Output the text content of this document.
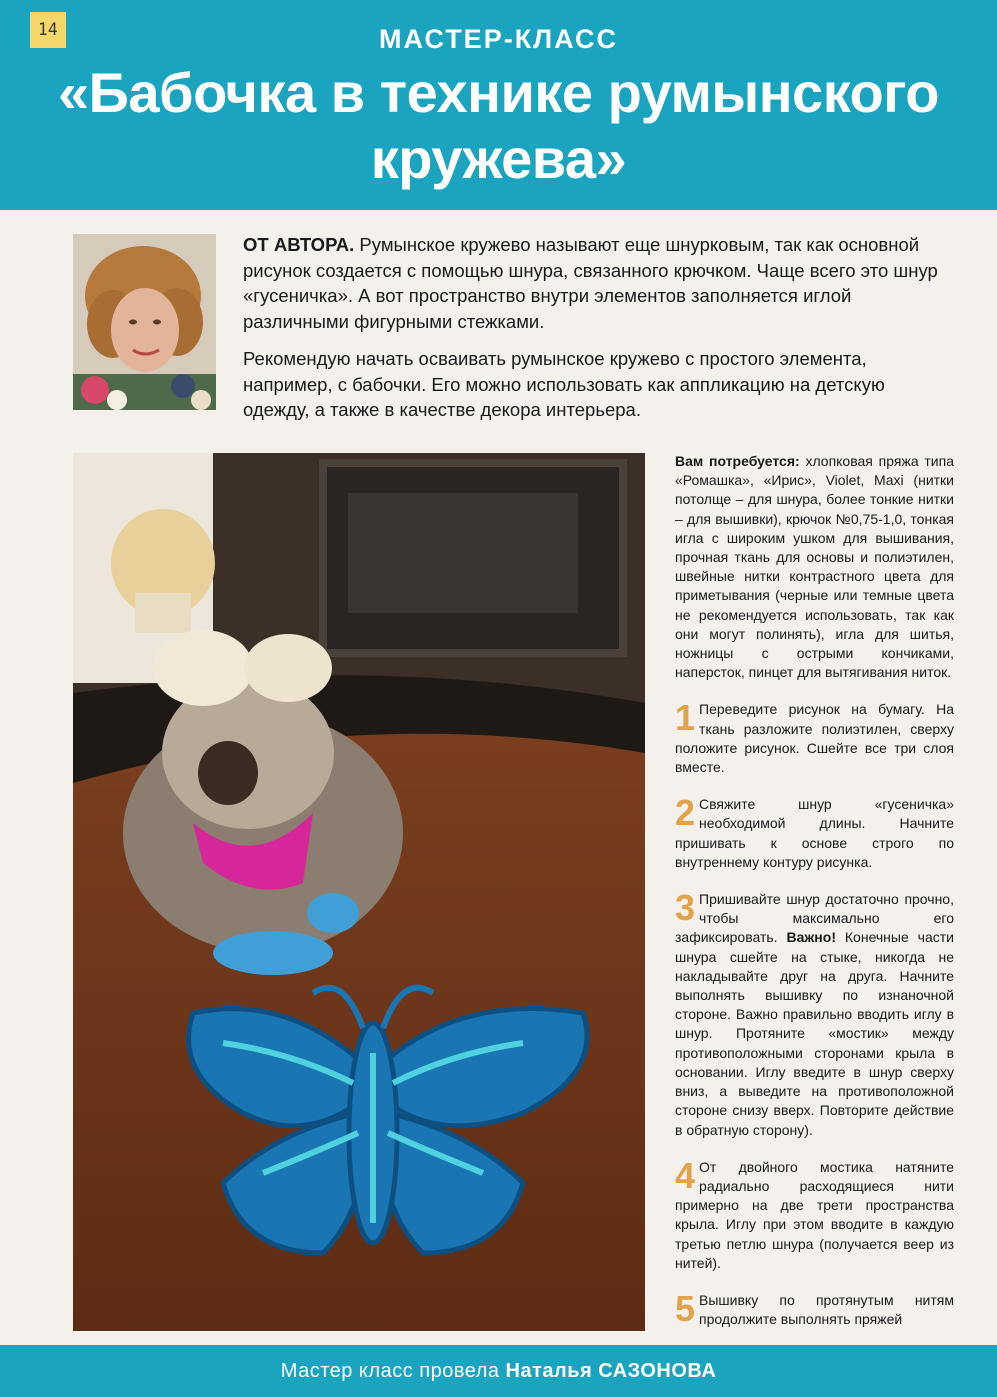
14	МАСТЕР-КЛАСС
«Бабочка в технике румынского
кружева»

ОТ АВТОРА. Румынское кружево называют еще шнурковым, так как основной рисунок создается с помощью шнура, связанного крючком. Чаще всего это шнур «гусеничка». А вот пространство внутри элементов заполняется иглой различными фигурными стежками.

Рекомендую начать осваивать румынское кружево с простого элемента, например, с бабочки. Его можно использовать как аппликацию на детскую одежду, а также в качестве декора интерьера.

Вам потребуется: хлопковая пряжа типа «Ромашка», «Ирис», Violet, Maxi (нитки потолще – для шнура, более тонкие нитки – для вышивки), крючок №0,75-1,0, тонкая игла с широким ушком для вышивания, прочная ткань для основы и полиэтилен, швейные нитки контрастного цвета для приметывания (черные или темные цвета не рекомендуется использовать, так как они могут полинять), игла для шитья, ножницы с острыми кончиками, наперсток, пинцет для вытягивания ниток.

1 Переведите рисунок на бумагу. На ткань разложите полиэтилен, сверху положите рисунок. Сшейте все три слоя вместе.

2 Свяжите шнур «гусеничка» необходимой длины. Начните пришивать к основе строго по внутреннему контуру рисунка.

3 Пришивайте шнур достаточно прочно, чтобы максимально его зафиксировать. Важно! Конечные части шнура сшейте на стыке, никогда не накладывайте друг на друга. Начните выполнять вышивку по изнаночной стороне. Важно правильно вводить иглу в шнур. Протяните «мостик» между противоположными сторонами крыла в основании. Иглу введите в шнур сверху вниз, а выведите на противоположной стороне снизу вверх. Повторите действие в обратную сторону).

4 От двойного мостика натяните радиально расходящиеся нити примерно на две трети пространства крыла. Иглу при этом вводите в каждую третью петлю шнура (получается веер из нитей).

5 Вышивку по протянутым нитям продолжите выполнять пряжей

Мастер класс провела Наталья САЗОНОВА
